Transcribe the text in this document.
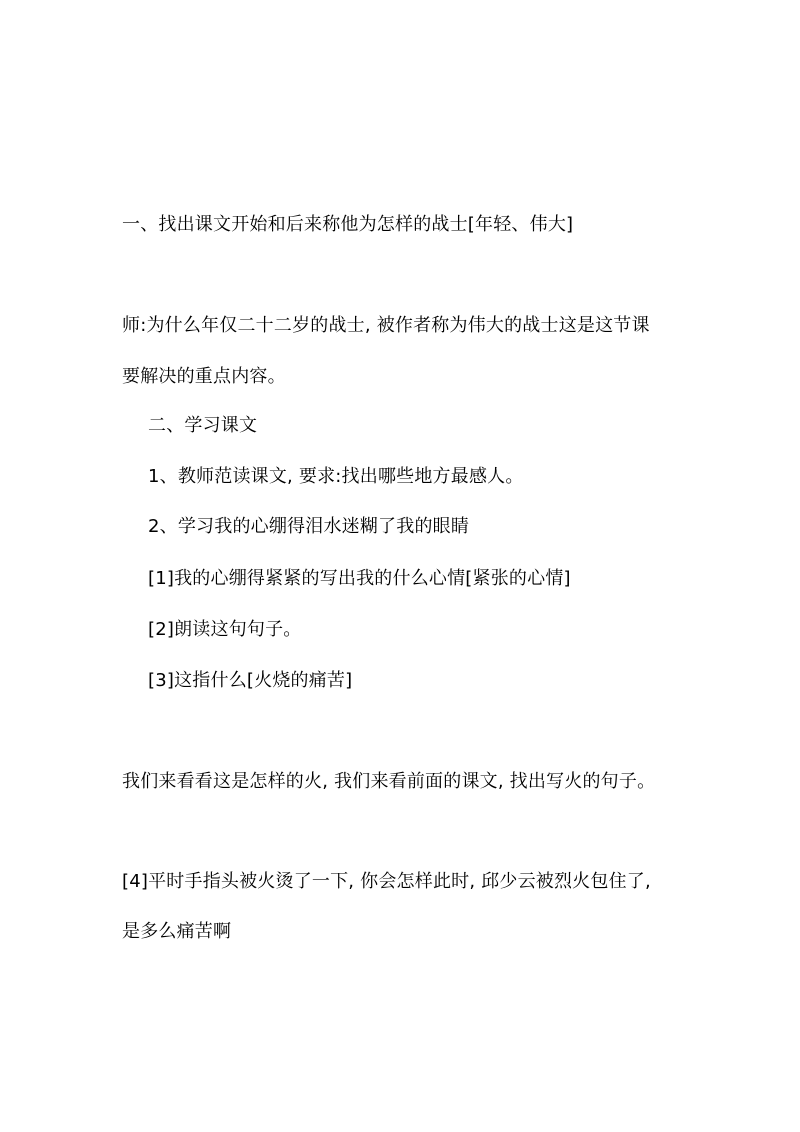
一、找出课文开始和后来称他为怎样的战士[年轻、伟大]
师:为什么年仅二十二岁的战士, 被作者称为伟大的战士这是这节课
要解决的重点内容。
二、学习课文
1、教师范读课文, 要求:找出哪些地方最感人。
2、学习我的心绷得泪水迷糊了我的眼睛
[1]我的心绷得紧紧的写出我的什么心情[紧张的心情]
[2]朗读这句句子。
[3]这指什么[火烧的痛苦]
我们来看看这是怎样的火, 我们来看前面的课文, 找出写火的句子。
[4]平时手指头被火烫了一下, 你会怎样此时, 邱少云被烈火包住了,
是多么痛苦啊
